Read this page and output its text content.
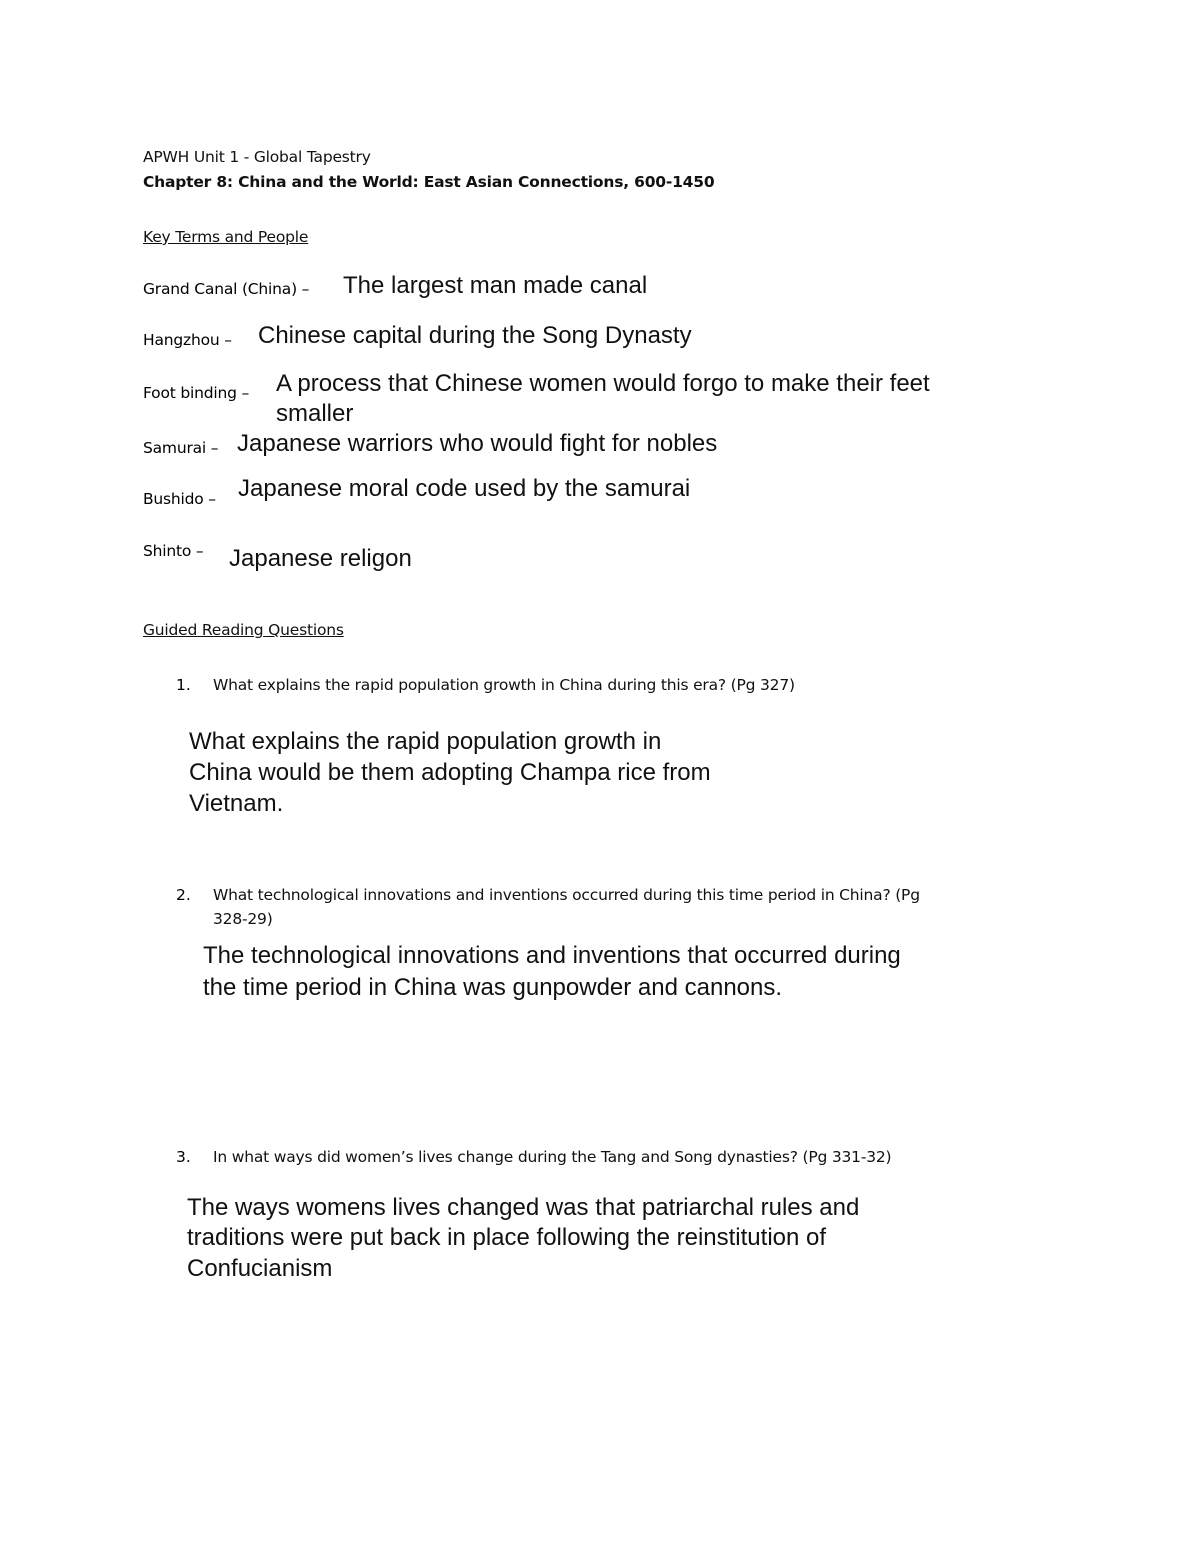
APWH Unit 1 - Global Tapestry
Chapter 8: China and the World: East Asian Connections, 600-1450
Key Terms and People
Grand Canal (China) – The largest man made canal
Hangzhou – Chinese capital during the Song Dynasty
Foot binding – A process that Chinese women would forgo to make their feet
smaller
Samurai – Japanese warriors who would fight for nobles
Bushido – Japanese moral code used by the samurai
Shinto – Japanese religon
Guided Reading Questions
1. What explains the rapid population growth in China during this era? (Pg 327)
What explains the rapid population growth in
China would be them adopting Champa rice from
Vietnam.
2. What technological innovations and inventions occurred during this time period in China? (Pg
328-29)
The technological innovations and inventions that occurred during
the time period in China was gunpowder and cannons.
3. In what ways did women’s lives change during the Tang and Song dynasties? (Pg 331-32)
The ways womens lives changed was that patriarchal rules and
traditions were put back in place following the reinstitution of
Confucianism
